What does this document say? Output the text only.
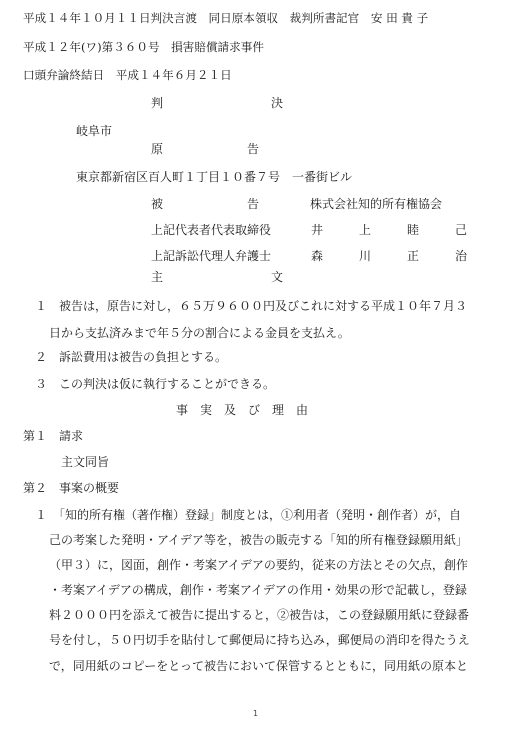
平成１４年１０月１１日判決言渡　同日原本領収　裁判所書記官　安 田 貴 子
平成１２年(ワ)第３６０号　損害賠償請求事件
口頭弁論終結日　平成１４年６月２１日
判　　　　　　　　　決
岐阜市
原　　　　　　　告
東京都新宿区百人町１丁目１０番７号　一番街ビル
被　　　　　　　告	株式会社知的所有権協会
上記代表者代表取締役	井　　　上　　　睦　　　己
上記訴訟代理人弁護士	森　　　川　　　正　　　治
主　　　　　　　　　文
１　被告は，原告に対し，６５万９６００円及びこれに対する平成１０年７月３
日から支払済みまで年５分の割合による金員を支払え。
２　訴訟費用は被告の負担とする。
３　この判決は仮に執行することができる。
事　実　及　び　理　由
第１　請求
主文同旨
第２　事案の概要
１　「知的所有権（著作権）登録」制度とは，①利用者（発明・創作者）が，自
己の考案した発明・アイデア等を，被告の販売する「知的所有権登録願用紙」
（甲３）に，図面，創作・考案アイデアの要約，従来の方法とその欠点，創作
・考案アイデアの構成，創作・考案アイデアの作用・効果の形で記載し，登録
料２０００円を添えて被告に提出すると，②被告は，この登録願用紙に登録番
号を付し，５０円切手を貼付して郵便局に持ち込み，郵便局の消印を得たうえ
で，同用紙のコピーをとって被告において保管するとともに，同用紙の原本と
1
